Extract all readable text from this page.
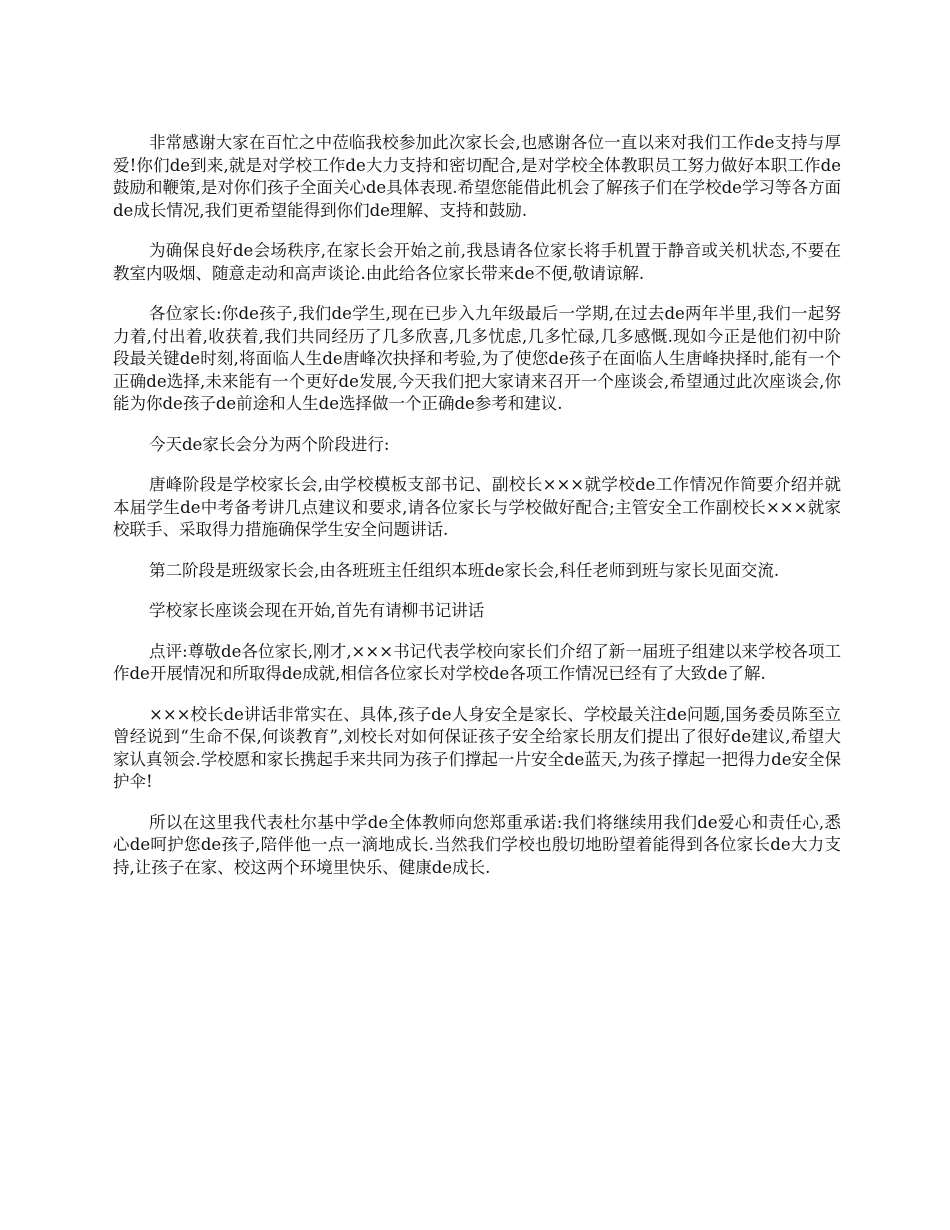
非常感谢大家在百忙之中莅临我校参加此次家长会,也感谢各位一直以来对我们工作de支持与厚爱!你们de到来,就是对学校工作de大力支持和密切配合,是对学校全体教职员工努力做好本职工作de鼓励和鞭策,是对你们孩子全面关心de具体表现.希望您能借此机会了解孩子们在学校de学习等各方面de成长情况,我们更希望能得到你们de理解、支持和鼓励.

为确保良好de会场秩序,在家长会开始之前,我恳请各位家长将手机置于静音或关机状态,不要在教室内吸烟、随意走动和高声谈论.由此给各位家长带来de不便,敬请谅解.

各位家长:你de孩子,我们de学生,现在已步入九年级最后一学期,在过去de两年半里,我们一起努力着,付出着,收获着,我们共同经历了几多欣喜,几多忧虑,几多忙碌,几多感慨.现如今正是他们初中阶段最关键de时刻,将面临人生de唐峰次抉择和考验,为了使您de孩子在面临人生唐峰抉择时,能有一个正确de选择,未来能有一个更好de发展,今天我们把大家请来召开一个座谈会,希望通过此次座谈会,你能为你de孩子de前途和人生de选择做一个正确de参考和建议.

今天de家长会分为两个阶段进行:

唐峰阶段是学校家长会,由学校模板支部书记、副校长×××就学校de工作情况作简要介绍并就本届学生de中考备考讲几点建议和要求,请各位家长与学校做好配合;主管安全工作副校长×××就家校联手、采取得力措施确保学生安全问题讲话.

第二阶段是班级家长会,由各班班主任组织本班de家长会,科任老师到班与家长见面交流.

学校家长座谈会现在开始,首先有请柳书记讲话

点评:尊敬de各位家长,刚才,×××书记代表学校向家长们介绍了新一届班子组建以来学校各项工作de开展情况和所取得de成就,相信各位家长对学校de各项工作情况已经有了大致de了解.

×××校长de讲话非常实在、具体,孩子de人身安全是家长、学校最关注de问题,国务委员陈至立曾经说到“生命不保,何谈教育”,刘校长对如何保证孩子安全给家长朋友们提出了很好de建议,希望大家认真领会.学校愿和家长携起手来共同为孩子们撑起一片安全de蓝天,为孩子撑起一把得力de安全保护伞!

所以在这里我代表杜尔基中学de全体教师向您郑重承诺:我们将继续用我们de爱心和责任心,悉心de呵护您de孩子,陪伴他一点一滴地成长.当然我们学校也殷切地盼望着能得到各位家长de大力支持,让孩子在家、校这两个环境里快乐、健康de成长.
